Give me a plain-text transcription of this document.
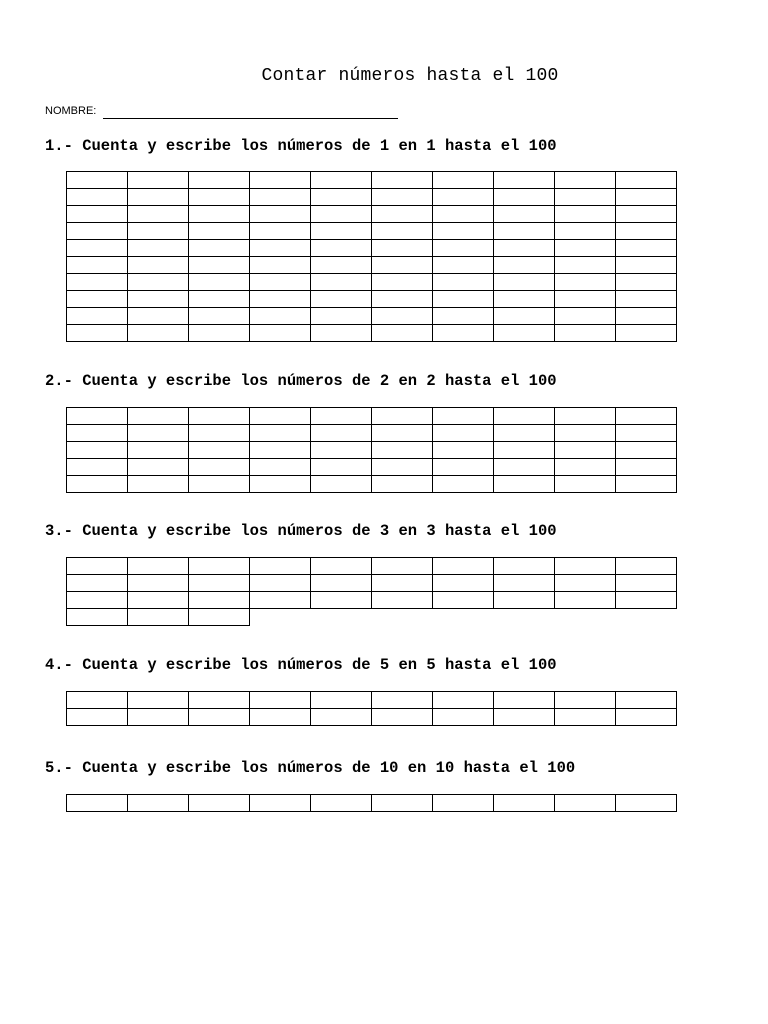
Contar números hasta el 100
NOMBRE:
1.- Cuenta y escribe los números de 1 en 1 hasta el 100
2.- Cuenta y escribe los números de 2 en 2 hasta el 100
3.- Cuenta y escribe los números de 3 en 3 hasta el 100
4.- Cuenta y escribe los números de 5 en 5 hasta el 100
5.- Cuenta y escribe los números de 10 en 10 hasta el 100
